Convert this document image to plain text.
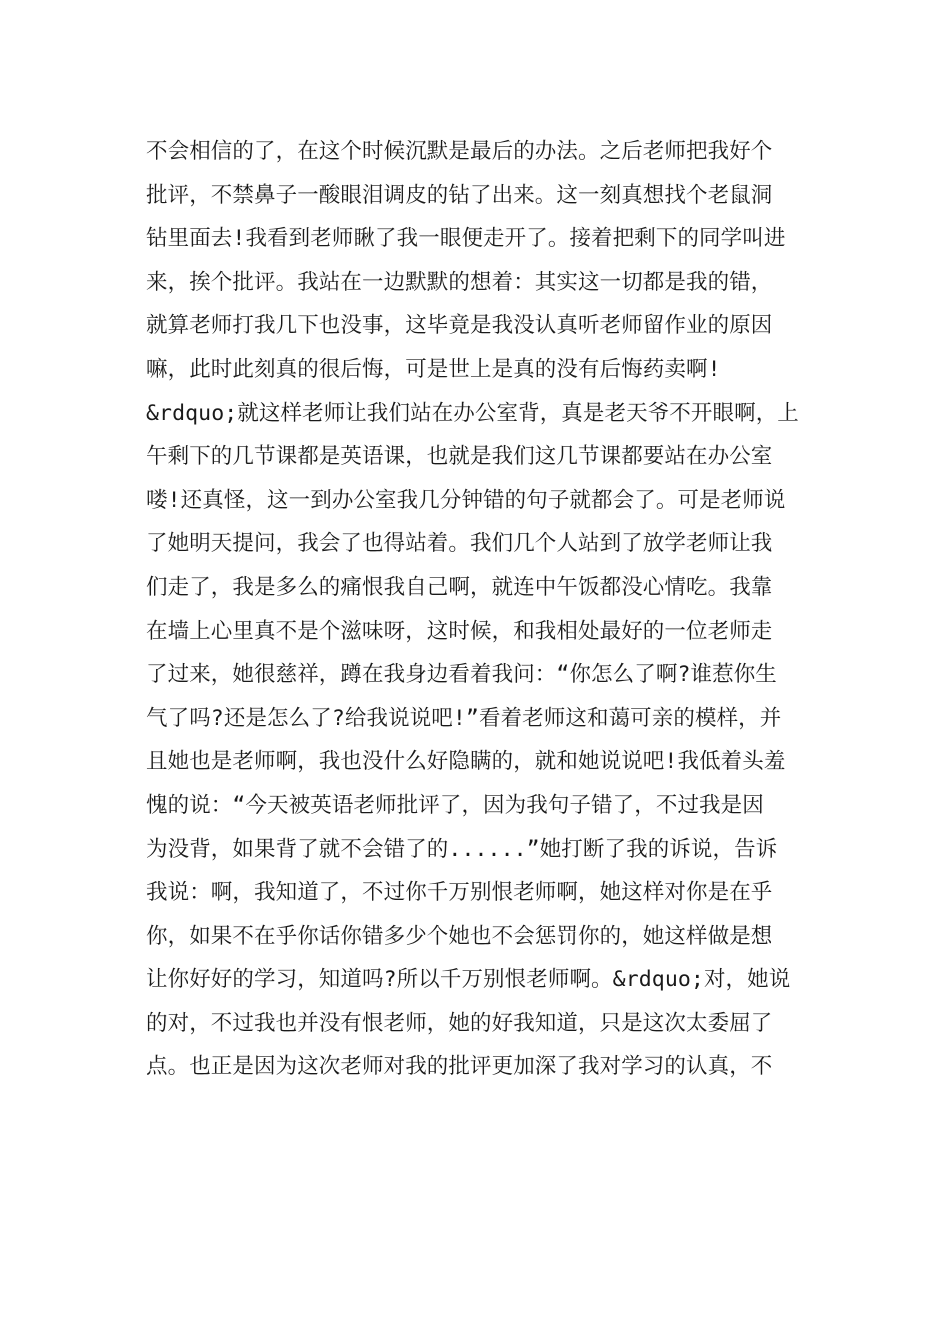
不会相信的了，在这个时候沉默是最后的办法。之后老师把我好个
批评，不禁鼻子一酸眼泪调皮的钻了出来。这一刻真想找个老鼠洞
钻里面去!我看到老师瞅了我一眼便走开了。接着把剩下的同学叫进
来，挨个批评。我站在一边默默的想着：其实这一切都是我的错，
就算老师打我几下也没事，这毕竟是我没认真听老师留作业的原因
嘛，此时此刻真的很后悔，可是世上是真的没有后悔药卖啊!
&rdquo;就这样老师让我们站在办公室背，真是老天爷不开眼啊，上
午剩下的几节课都是英语课，也就是我们这几节课都要站在办公室
喽!还真怪，这一到办公室我几分钟错的句子就都会了。可是老师说
了她明天提问，我会了也得站着。我们几个人站到了放学老师让我
们走了，我是多么的痛恨我自己啊，就连中午饭都没心情吃。我靠
在墙上心里真不是个滋味呀，这时候，和我相处最好的一位老师走
了过来，她很慈祥，蹲在我身边看着我问：“你怎么了啊?谁惹你生
气了吗?还是怎么了?给我说说吧!”看着老师这和蔼可亲的模样，并
且她也是老师啊，我也没什么好隐瞒的，就和她说说吧!我低着头羞
愧的说：“今天被英语老师批评了，因为我句子错了，不过我是因
为没背，如果背了就不会错了的......”她打断了我的诉说，告诉
我说：啊，我知道了，不过你千万别恨老师啊，她这样对你是在乎
你，如果不在乎你话你错多少个她也不会惩罚你的，她这样做是想
让你好好的学习，知道吗?所以千万别恨老师啊。&rdquo;对，她说
的对，不过我也并没有恨老师，她的好我知道，只是这次太委屈了
点。也正是因为这次老师对我的批评更加深了我对学习的认真，不
